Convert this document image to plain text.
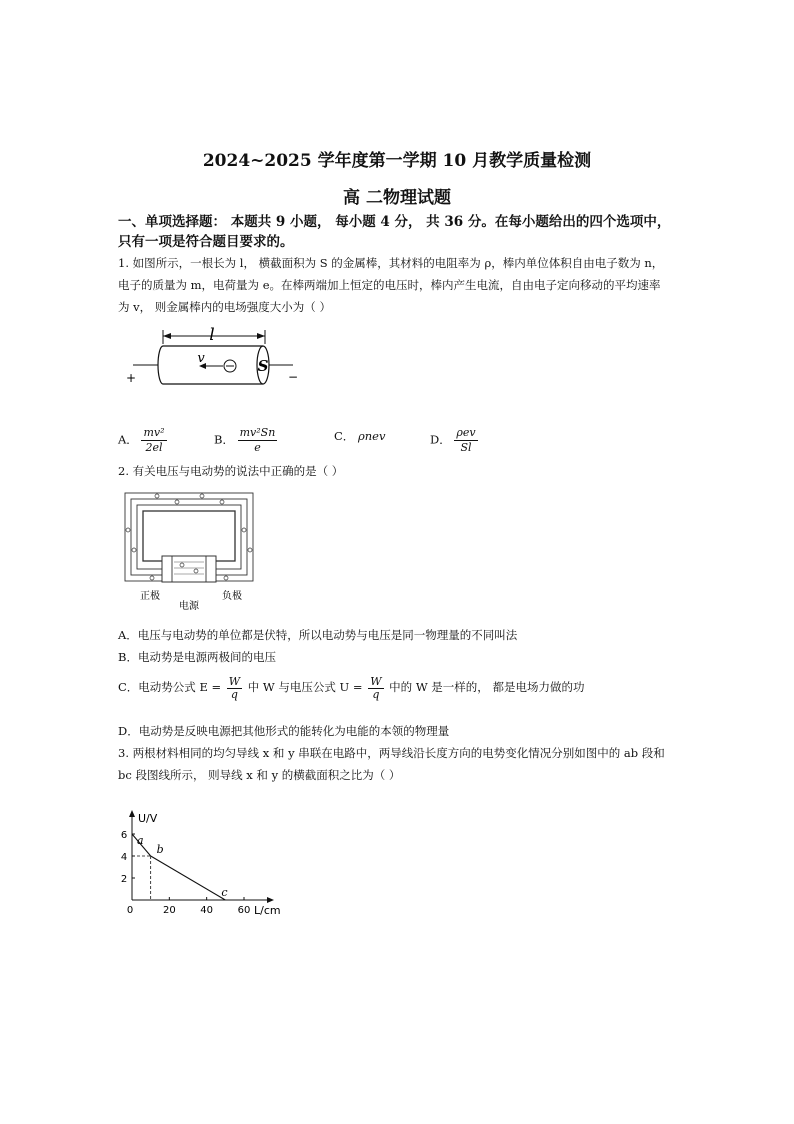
2024~2025 学年度第一学期 10 月教学质量检测
高 二物理试题
一、单项选择题： 本题共 9 小题， 每小题 4 分， 共 36 分。在每小题给出的四个选项中，
只有一项是符合题目要求的。
1. 如图所示，一根长为 l， 横截面积为 S 的金属棒，其材料的电阻率为 ρ，棒内单位体积自由电子数为 n，
电子的质量为 m，电荷量为 e。在棒两端加上恒定的电压时，棒内产生电流，自由电子定向移动的平均速率
为 v， 则金属棒内的电场强度大小为（ ）
l
+	−
v	S
A． $\frac{\text{mv²}}{2el}$	B． $\frac{\text{mv²Sn}}{e}$	C． ρnev	D． $\frac{\text{ρev}}{Sl}$
2. 有关电压与电动势的说法中正确的是（ ）
正极	负极
电源
A．电压与电动势的单位都是伏特，所以电动势与电压是同一物理量的不同叫法
B．电动势是电源两极间的电压
C．电动势公式 $E = \frac{W}{q}$ 中 W 与电压公式 $U = \frac{W}{q}$ 中的 W 是一样的， 都是电场力做的功
D．电动势是反映电源把其他形式的能转化为电能的本领的物理量
3. 两根材料相同的均匀导线 x 和 y 串联在电路中，两导线沿长度方向的电势变化情况分别如图中的 ab 段和
bc 段图线所示， 则导线 x 和 y 的横截面积之比为（ ）
0	20 40 60
2
4
6 a
b
c
U/V
L/cm
